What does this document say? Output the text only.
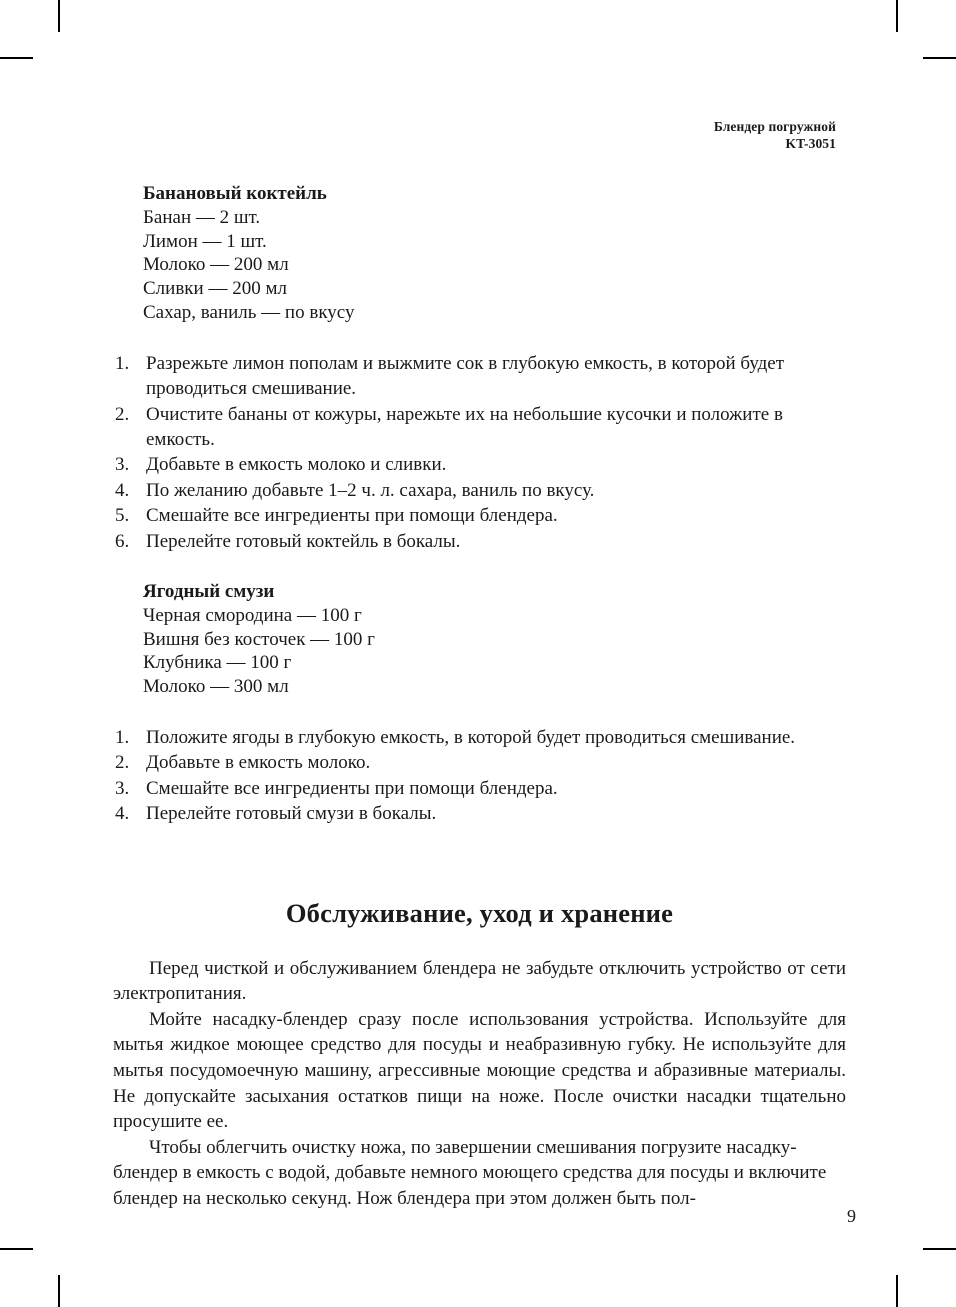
Блендер погружной
KT-3051
Банановый коктейль
Банан — 2 шт.
Лимон — 1 шт.
Молоко — 200 мл
Сливки — 200 мл
Сахар, ваниль — по вкусу
Разрежьте лимон пополам и выжмите сок в глубокую емкость, в которой будет проводиться смешивание.
Очистите бананы от кожуры, нарежьте их на небольшие кусочки и положите в емкость.
Добавьте в емкость молоко и сливки.
По желанию добавьте 1–2 ч. л. сахара, ваниль по вкусу.
Смешайте все ингредиенты при помощи блендера.
Перелейте готовый коктейль в бокалы.
Ягодный смузи
Черная смородина — 100 г
Вишня без косточек — 100 г
Клубника — 100 г
Молоко — 300 мл
Положите ягоды в глубокую емкость, в которой будет проводиться смешивание.
Добавьте в емкость молоко.
Смешайте все ингредиенты при помощи блендера.
Перелейте готовый смузи в бокалы.
Обслуживание, уход и хранение

Перед чисткой и обслуживанием блендера не забудьте отключить устройство от сети электропитания.

Мойте насадку-блендер сразу после использования устройства. Используйте для мытья жидкое моющее средство для посуды и неабразивную губку. Не используйте для мытья посудомоечную машину, агрессивные моющие средства и абразивные материалы. Не допускайте засыхания остатков пищи на ноже. После очистки насадки тщательно просушите ее.

Чтобы облегчить очистку ножа, по завершении смешивания погрузите насадку-блендер в емкость с водой, добавьте немного моющего средства для посуды и включите блендер на несколько секунд. Нож блендера при этом должен быть пол-

9
